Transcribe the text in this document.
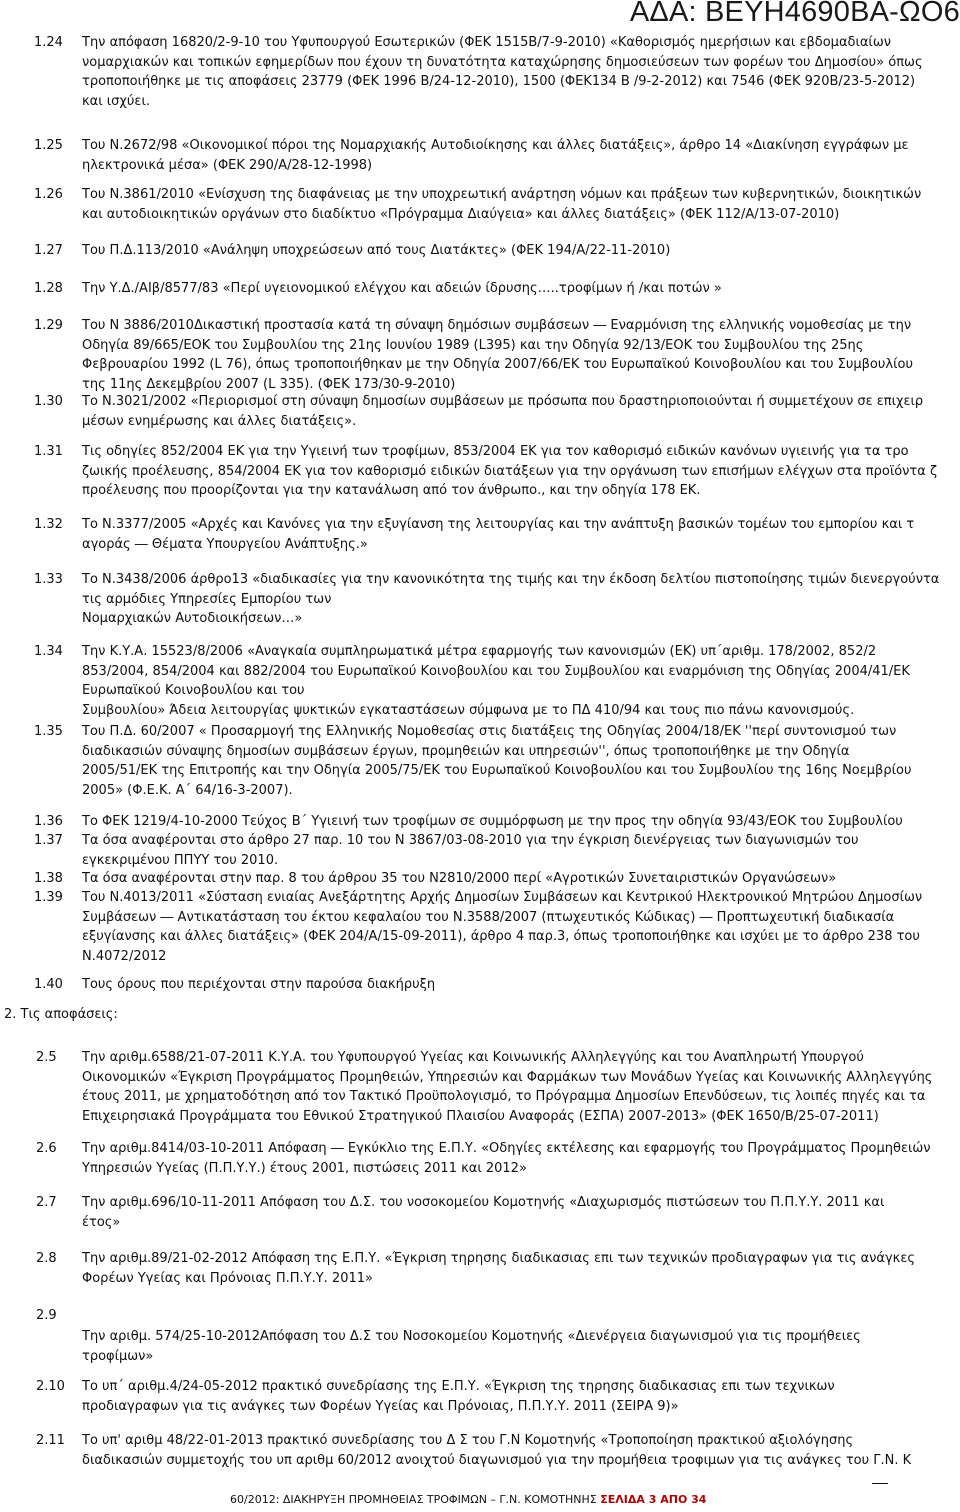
ΑΔΑ: ΒΕΥΗ4690ΒΑ-ΩΟ6
1.24 Την απόφαση 16820/2-9-10 του Υφυπουργού Εσωτερικών (ΦΕΚ 1515Β/7-9-2010) «Καθορισμός ημερήσιων και εβδομαδιαίων
νομαρχιακών και τοπικών εφημερίδων που έχουν τη δυνατότητα καταχώρησης δημοσιεύσεων των φορέων του Δημοσίου» όπως
τροποποιήθηκε με τις αποφάσεις 23779 (ΦΕΚ 1996 Β/24-12-2010), 1500 (ΦΕΚ134 Β /9-2-2012) και 7546 (ΦΕΚ 920Β/23-5-2012)
και ισχύει.
1.25 Του Ν.2672/98 «Οικονομικοί πόροι της Νομαρχιακής Αυτοδιοίκησης και άλλες διατάξεις», άρθρο 14 «Διακίνηση εγγράφων με
ηλεκτρονικά μέσα» (ΦΕΚ 290/Α/28-12-1998)
1.26 Του Ν.3861/2010 «Ενίσχυση της διαφάνειας με την υποχρεωτική ανάρτηση νόμων και πράξεων των κυβερνητικών, διοικητικών
και αυτοδιοικητικών οργάνων στο διαδίκτυο «Πρόγραμμα Διαύγεια» και άλλες διατάξεις» (ΦΕΚ 112/Α/13-07-2010)
1.27 Του Π.Δ.113/2010 «Ανάληψη υποχρεώσεων από τους Διατάκτες» (ΦΕΚ 194/Α/22-11-2010)
1.28 Την Υ.Δ./ΑΙβ/8577/83 «Περί υγειονομικού ελέγχου και αδειών ίδρυσης…..τροφίμων ή /και ποτών »
1.29 Του Ν 3886/2010Δικαστική προστασία κατά τη σύναψη δημόσιων συμβάσεων ― Εναρμόνιση της ελληνικής νομοθεσίας με την
Οδηγία 89/665/ΕΟΚ του Συμβουλίου της 21ης Ιουνίου 1989 (L395) και την Οδηγία 92/13/ΕΟΚ του Συμβουλίου της 25ης
Φεβρουαρίου 1992 (L 76), όπως τροποποιήθηκαν με την Οδηγία 2007/66/ΕΚ του Ευρωπαϊκού Κοινοβουλίου και του Συμβουλίου
της 11ης Δεκεμβρίου 2007 (L 335). (ΦΕΚ 173/30-9-2010)
1.30 Το Ν.3021/2002 «Περιορισμοί στη σύναψη δημοσίων συμβάσεων με πρόσωπα που δραστηριοποιούνται ή συμμετέχουν σε επιχειρ
μέσων ενημέρωσης και άλλες διατάξεις».
1.31 Τις οδηγίες 852/2004 ΕΚ για την Υγιεινή των τροφίμων, 853/2004 ΕΚ για τον καθορισμό ειδικών κανόνων υγιεινής για τα τρο
ζωικής προέλευσης, 854/2004 ΕΚ για τον καθορισμό ειδικών διατάξεων για την οργάνωση των επισήμων ελέγχων στα προϊόντα ζ
προέλευσης που προορίζονται για την κατανάλωση από τον άνθρωπο., και την οδηγία 178 ΕΚ.
1.32 Το Ν.3377/2005 «Αρχές και Κανόνες για την εξυγίανση της λειτουργίας και την ανάπτυξη βασικών τομέων του εμπορίου και τ
αγοράς ― Θέματα Υπουργείου Ανάπτυξης.»
1.33 Το Ν.3438/2006 άρθρο13 «διαδικασίες για την κανονικότητα της τιμής και την έκδοση δελτίου πιστοποίησης τιμών διενεργούντα
τις αρμόδιες Υπηρεσίες Εμπορίου των
Νομαρχιακών Αυτοδιοικήσεων…»
1.34 Την Κ.Υ.Α. 15523/8/2006 «Αναγκαία συμπληρωματικά μέτρα εφαρμογής των κανονισμών (ΕΚ) υπ΄αριθμ. 178/2002, 852/2
853/2004, 854/2004 και 882/2004 του Ευρωπαϊκού Κοινοβουλίου και του Συμβουλίου και εναρμόνιση της Οδηγίας 2004/41/ΕΚ
Ευρωπαϊκού Κοινοβουλίου και του
Συμβουλίου» Άδεια λειτουργίας ψυκτικών εγκαταστάσεων σύμφωνα με το ΠΔ 410/94 και τους πιο πάνω κανονισμούς.
1.35 Του Π.Δ. 60/2007 « Προσαρμογή της Ελληνικής Νομοθεσίας στις διατάξεις της Οδηγίας 2004/18/ΕΚ ''περί συντονισμού των
διαδικασιών σύναψης δημοσίων συμβάσεων έργων, προμηθειών και υπηρεσιών'', όπως τροποποιήθηκε με την Οδηγία
2005/51/ΕΚ της Επιτροπής και την Οδηγία 2005/75/ΕΚ του Ευρωπαϊκού Κοινοβουλίου και του Συμβουλίου της 16ης Νοεμβρίου
2005» (Φ.Ε.Κ. Α΄ 64/16-3-2007).
1.36 Το ΦΕΚ 1219/4-10-2000 Τεύχος Β΄ Υγιεινή των τροφίμων σε συμμόρφωση με την προς την οδηγία 93/43/ΕΟΚ του Συμβουλίου
1.37 Τα όσα αναφέρονται στο άρθρο 27 παρ. 10 του Ν 3867/03-08-2010 για την έγκριση διενέργειας των διαγωνισμών του
εγκεκριμένου ΠΠΥΥ του 2010.
1.38 Τα όσα αναφέρονται στην παρ. 8 του άρθρου 35 του Ν2810/2000 περί «Αγροτικών Συνεταιριστικών Οργανώσεων»
1.39 Του Ν.4013/2011 «Σύσταση ενιαίας Ανεξάρτητης Αρχής Δημοσίων Συμβάσεων και Κεντρικού Ηλεκτρονικού Μητρώου Δημοσίων
Συμβάσεων ― Αντικατάσταση του έκτου κεφαλαίου του Ν.3588/2007 (πτωχευτικός Κώδικας) ― Προπτωχευτική διαδικασία
εξυγίανσης και άλλες διατάξεις» (ΦΕΚ 204/Α/15-09-2011), άρθρο 4 παρ.3, όπως τροποποιήθηκε και ισχύει με το άρθρο 238 του
Ν.4072/2012
1.40 Τους όρους που περιέχονται στην παρούσα διακήρυξη
2.5 Την αριθμ.6588/21-07-2011 Κ.Υ.Α. του Υφυπουργού Υγείας και Κοινωνικής Αλληλεγγύης και του Αναπληρωτή Υπουργού
Οικονομικών «Έγκριση Προγράμματος Προμηθειών, Υπηρεσιών και Φαρμάκων των Μονάδων Υγείας και Κοινωνικής Αλληλεγγύης
έτους 2011, με χρηματοδότηση από τον Τακτικό Προϋπολογισμό, το Πρόγραμμα Δημοσίων Επενδύσεων, τις λοιπές πηγές και τα
Επιχειρησιακά Προγράμματα του Εθνικού Στρατηγικού Πλαισίου Αναφοράς (ΕΣΠΑ) 2007-2013» (ΦΕΚ 1650/Β/25-07-2011)
2.6 Την αριθμ.8414/03-10-2011 Απόφαση ― Εγκύκλιο της Ε.Π.Υ. «Οδηγίες εκτέλεσης και εφαρμογής του Προγράμματος Προμηθειών
Υπηρεσιών Υγείας (Π.Π.Υ.Υ.) έτους 2001, πιστώσεις 2011 και 2012»
2.7 Την αριθμ.696/10-11-2011 Απόφαση του Δ.Σ. του νοσοκομείου Κομοτηνής «Διαχωρισμός πιστώσεων του Π.Π.Υ.Υ. 2011 και
έτος»
2.8 Την αριθμ.89/21-02-2012 Απόφαση της Ε.Π.Υ. «Έγκριση τηρησης διαδικασιας επι των τεχνικών προδιαγραφων για τις ανάγκες
Φορέων Υγείας και Πρόνοιας Π.Π.Υ.Υ. 2011»
2.9
Την αριθμ. 574/25-10-2012Απόφαση του Δ.Σ του Νοσοκομείου Κομοτηνής «Διενέργεια διαγωνισμού για τις προμήθειες
τροφίμων»
2.10 Το υπ΄ αριθμ.4/24-05-2012 πρακτικό συνεδρίασης της Ε.Π.Υ. «Έγκριση της τηρησης διαδικασιας επι των τεχνικων
προδιαγραφων για τις ανάγκες των Φορέων Υγείας και Πρόνοιας, Π.Π.Υ.Υ. 2011 (ΣΕΙΡΑ 9)»
2.11 Το υπ' αριθμ 48/22-01-2013 πρακτικό συνεδρίασης του Δ Σ του Γ.Ν Κομοτηνής «Τροποποίηση πρακτικού αξιολόγησης
διαδικασιών συμμετοχής του υπ αριθμ 60/2012 ανοιχτού διαγωνισμού για την προμήθεια τροφιμων για τις ανάγκες του Γ.Ν. Κ
2. Τις αποφάσεις:
60/2012: ΔΙΑΚΗΡΥΞΗ ΠΡΟΜΗΘΕΙΑΣ ΤΡΟΦΙΜΩΝ – Γ.Ν. ΚΟΜΟΤΗΝΗΣ ΣΕΛΙΔΑ 3 ΑΠΟ 34
